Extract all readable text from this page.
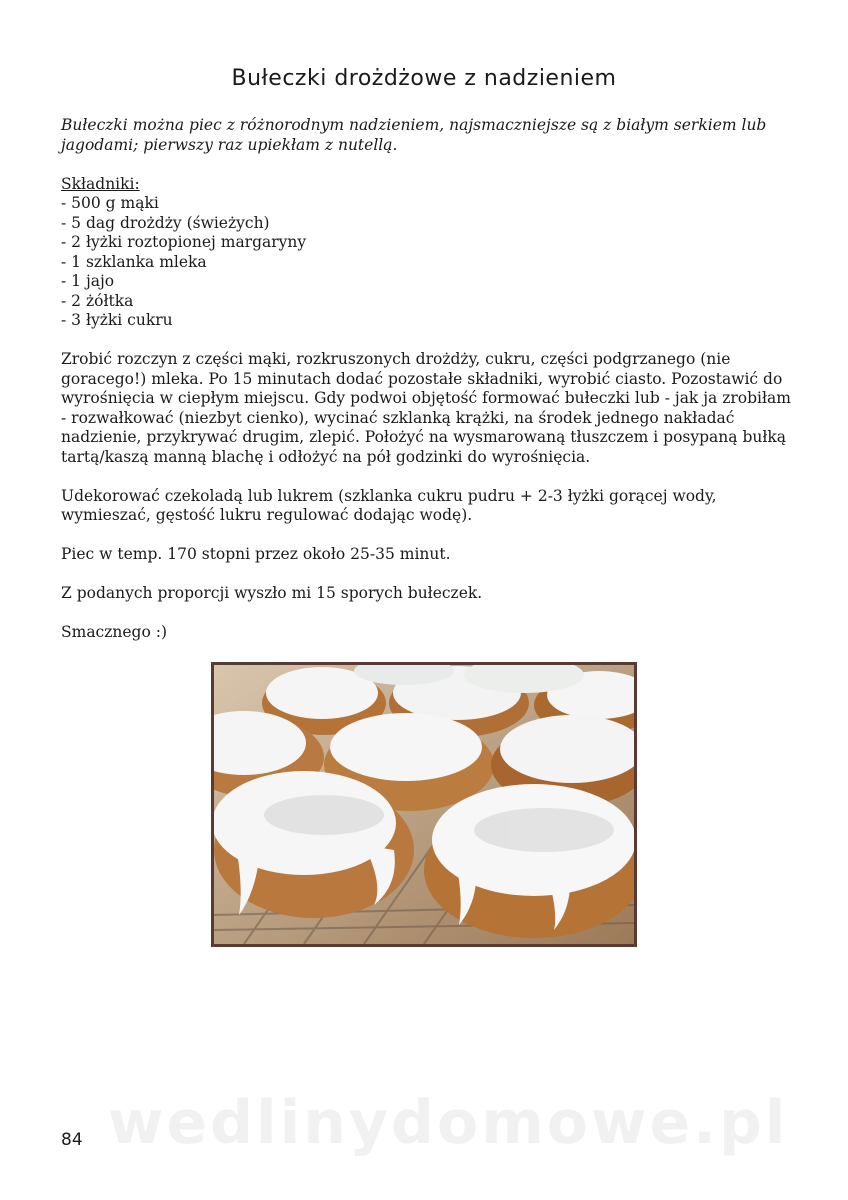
Bułeczki drożdżowe z nadzieniem

Bułeczki można piec z różnorodnym nadzieniem, najsmaczniejsze są z białym serkiem lub jagodami; pierwszy raz upiekłam z nutellą.

Składniki:

- 500 g mąki

- 5 dag drożdży (świeżych)

- 2 łyżki roztopionej margaryny

- 1 szklanka mleka

- 1 jajo

- 2 żółtka

- 3 łyżki cukru

Zrobić rozczyn z części mąki, rozkruszonych drożdży, cukru, części podgrzanego (nie goracego!) mleka. Po 15 minutach dodać pozostałe składniki, wyrobić ciasto. Pozostawić do wyrośnięcia w ciepłym miejscu. Gdy podwoi objętość formować bułeczki lub - jak ja zrobiłam - rozwałkować (niezbyt cienko), wycinać szklanką krążki, na środek jednego nakładać nadzienie, przykrywać drugim, zlepić. Położyć na wysmarowaną tłuszczem i posypaną bułką tartą/kaszą manną blachę i odłożyć na pół godzinki do wyrośnięcia.

Udekorować czekoladą lub lukrem (szklanka cukru pudru + 2-3 łyżki gorącej wody, wymieszać, gęstość lukru regulować dodając wodę).

Piec w temp. 170 stopni przez około 25-35 minut.

Z podanych proporcji wyszło mi 15 sporych bułeczek.

Smacznego :)

wedlinydomowe.pl
84
